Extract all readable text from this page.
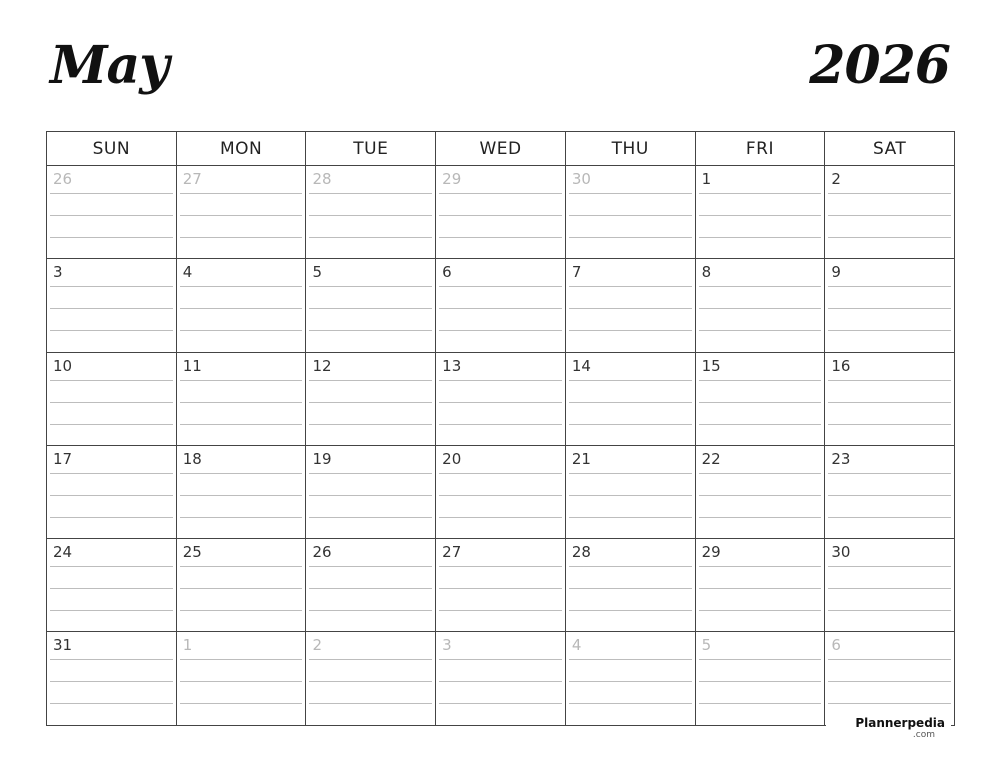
May	2026
SUN	MON	TUE	WED	THU	FRI	SAT
26	27	28	29	30	1	2
3	4	5	6	7	8	9
10	11	12	13	14	15	16
17	18	19	20	21	22	23
24	25	26	27	28	29	30
31	1	2	3	4	5	6
Plannerpedia
.com
